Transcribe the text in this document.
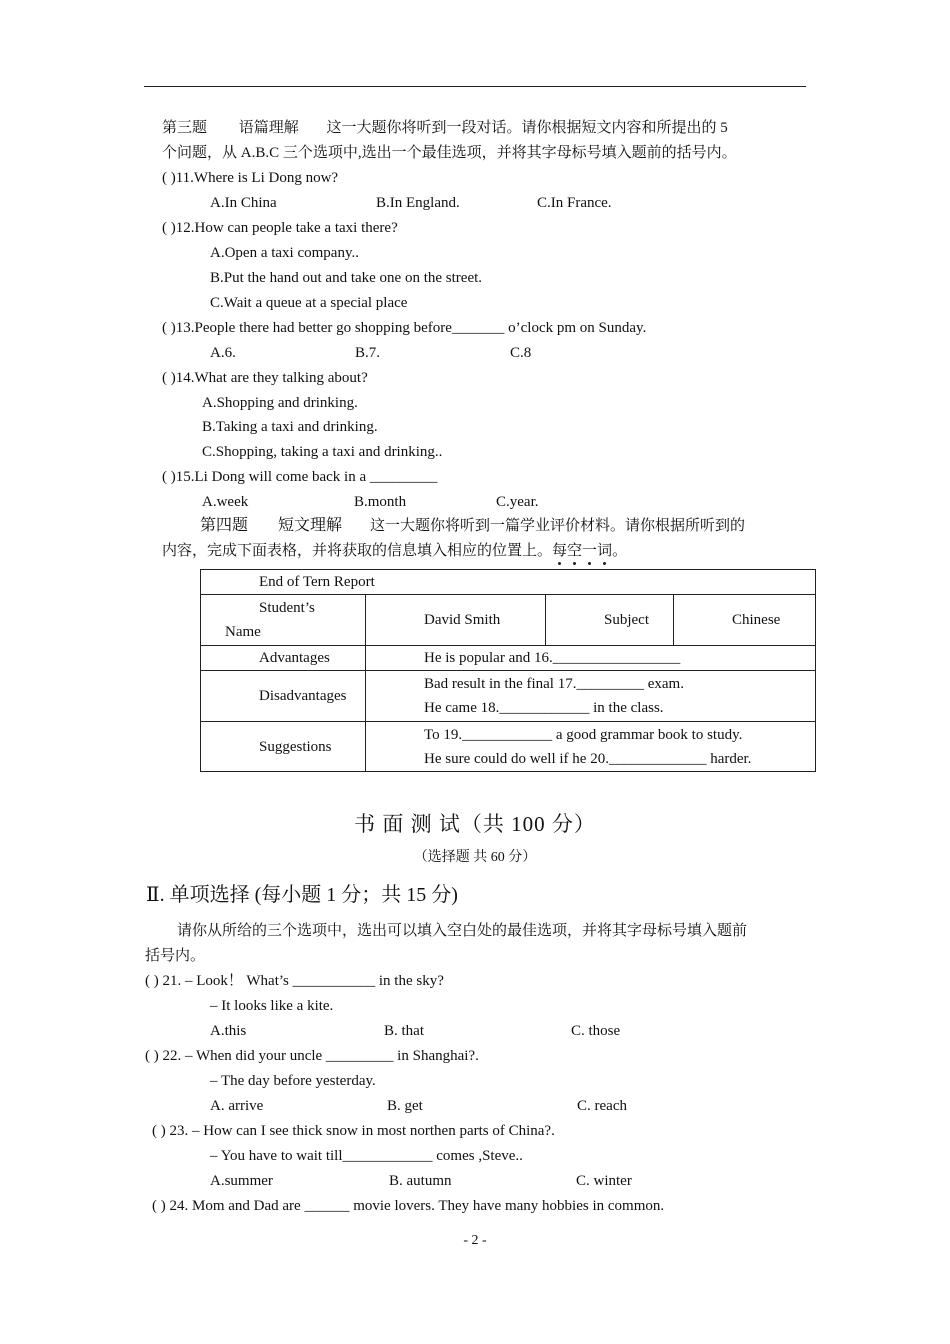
第三题 语篇理解 这一大题你将听到一段对话。请你根据短文内容和所提出的 5
个问题，从 A.B.C 三个选项中,选出一个最佳选项，并将其字母标号填入题前的括号内。
( )11.Where is Li Dong now?
A.In China	B.In England.	C.In France.
( )12.How can people take a taxi there?
A.Open a taxi company..
B.Put the hand out and take one on the street.
C.Wait a queue at a special place
( )13.People there had better go shopping before_______ o’clock pm on Sunday.
A.6.	B.7.	C.8
( )14.What are they talking about?
A.Shopping and drinking.
B.Taking a taxi and drinking.
C.Shopping, taking a taxi and drinking..
( )15.Li Dong will come back in a _________
A.week	B.month	C.year.
第四题 短文理解 这一大题你将听到一篇学业评价材料。请你根据所听到的
内容，完成下面表格，并将获取的信息填入相应的位置上。每空一词。
End of Tern Report			

Student’s
Name	David Smith	Subject	Chinese
Advantages	He is popular and 16._________________		
Disadvantages	Bad result in the final 17._________ exam.
He came 18.____________ in the class.		

Suggestions	To 19.____________ a good grammar book to study.
He sure could do well if he 20._____________ harder.		
书 面 测 试（共 100 分）
（选择题 共 60 分）
Ⅱ. 单项选择 (每小题 1 分；共 15 分)
请你从所给的三个选项中，选出可以填入空白处的最佳选项，并将其字母标号填入题前
括号内。
( ) 21. – Look！ What’s ___________ in the sky?
– It looks like a kite.
A.this	B. that	C. those
( ) 22. – When did your uncle _________ in Shanghai?.
– The day before yesterday.
A. arrive	B. get	C. reach
( ) 23. – How can I see thick snow in most northen parts of China?.
– You have to wait till____________ comes ,Steve..
A.summer	B. autumn	C. winter
( ) 24. Mom and Dad are ______ movie lovers. They have many hobbies in common.
- 2 -
